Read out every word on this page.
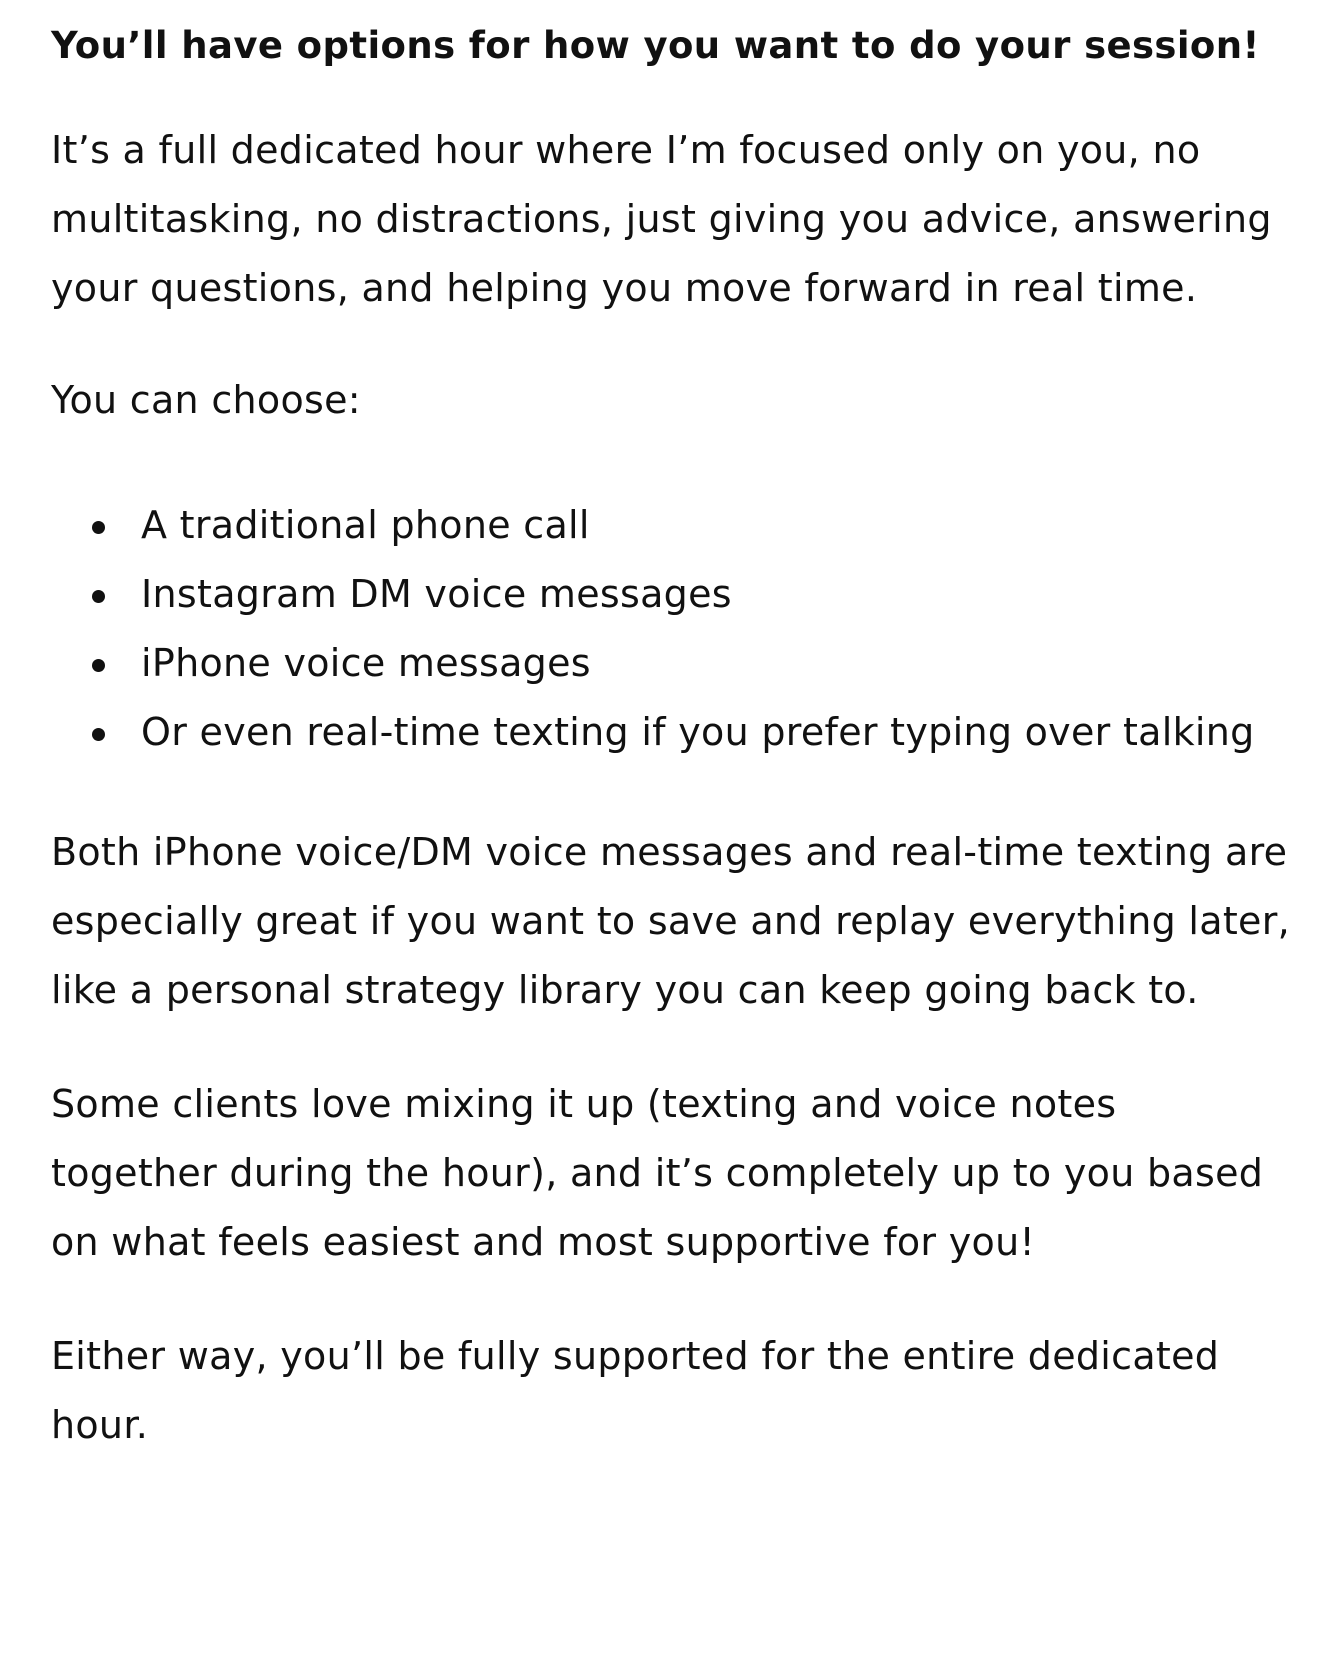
You’ll have options for how you want to do your session!

It’s a full dedicated hour where I’m focused only on you, no multitasking, no distractions, just giving you advice, answering your questions, and helping you move forward in real time.

You can choose:

A traditional phone call
Instagram DM voice messages
iPhone voice messages
Or even real-time texting if you prefer typing over talking

Both iPhone voice/DM voice messages and real-time texting are especially great if you want to save and replay everything later, like a personal strategy library you can keep going back to.

Some clients love mixing it up (texting and voice notes together during the hour), and it’s completely up to you based on what feels easiest and most supportive for you!

Either way, you’ll be fully supported for the entire dedicated hour.
